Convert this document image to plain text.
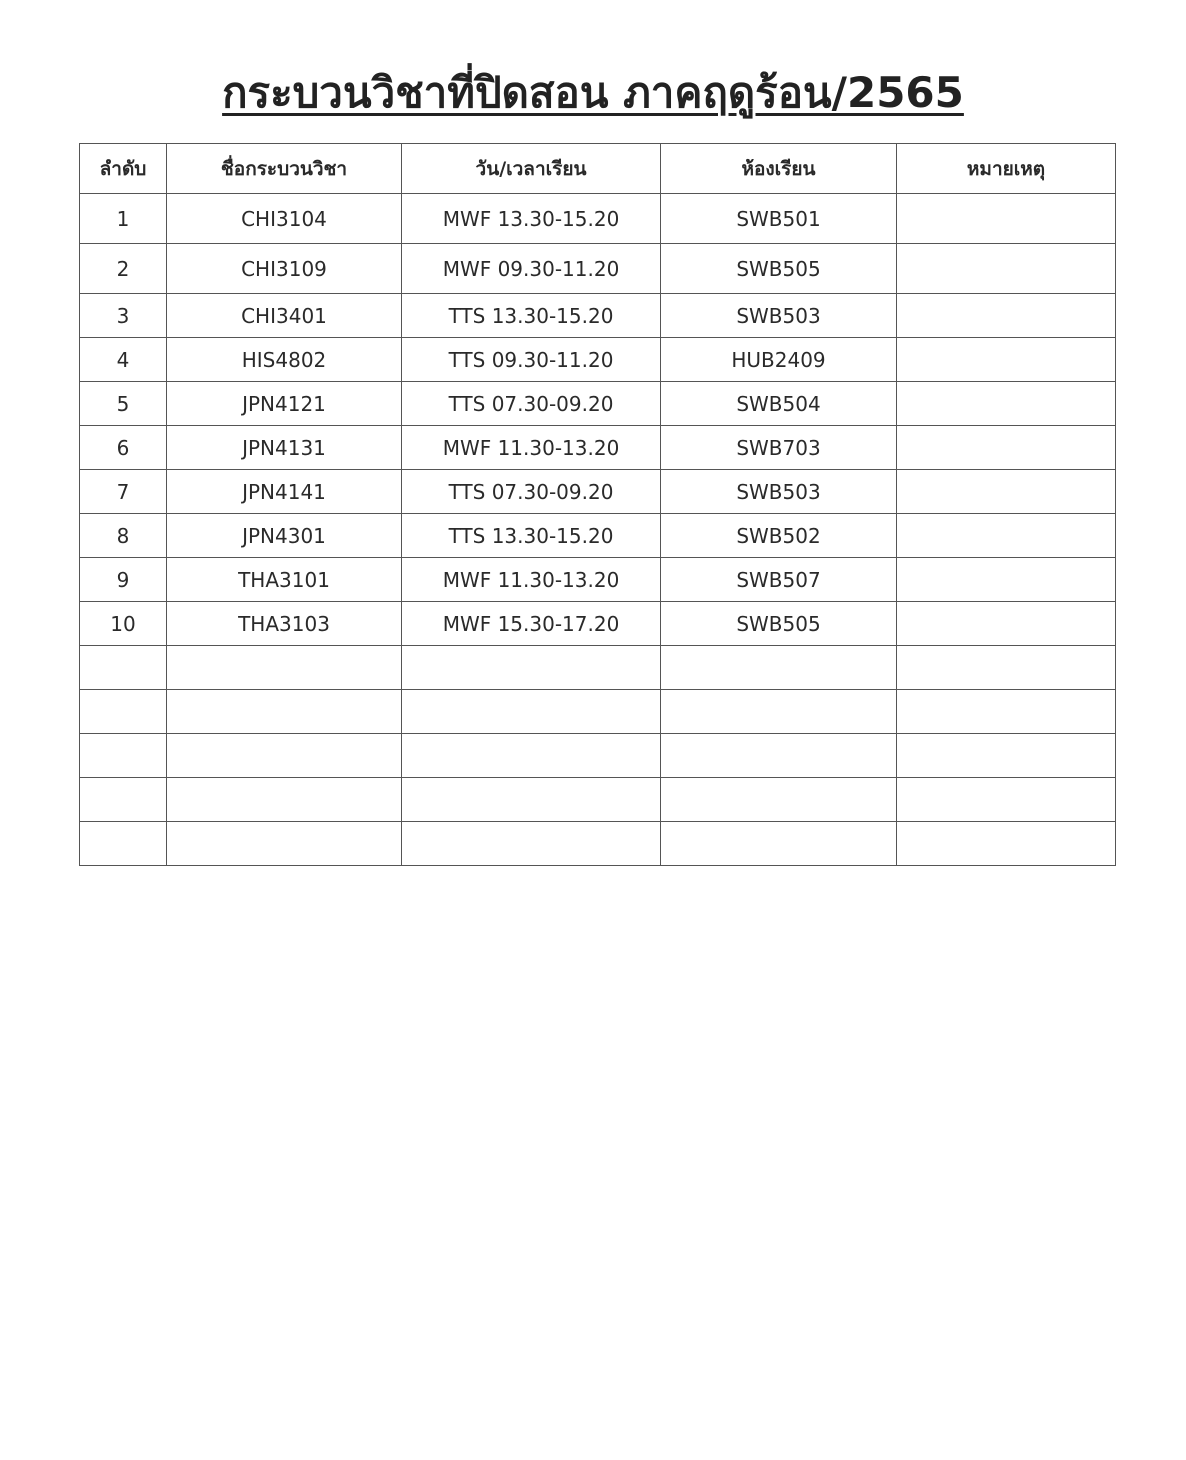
กระบวนวิชาที่ปิดสอน ภาคฤดูร้อน/2565
ลำดับ	ชื่อกระบวนวิชา	วัน/เวลาเรียน	ห้องเรียน	หมายเหตุ
1	CHI3104	MWF 13.30-15.20	SWB501	
2	CHI3109	MWF 09.30-11.20	SWB505	
3	CHI3401	TTS 13.30-15.20	SWB503	
4	HIS4802	TTS 09.30-11.20	HUB2409	
5	JPN4121	TTS 07.30-09.20	SWB504	
6	JPN4131	MWF 11.30-13.20	SWB703	
7	JPN4141	TTS 07.30-09.20	SWB503	
8	JPN4301	TTS 13.30-15.20	SWB502	
9	THA3101	MWF 11.30-13.20	SWB507	
10	THA3103	MWF 15.30-17.20	SWB505	
